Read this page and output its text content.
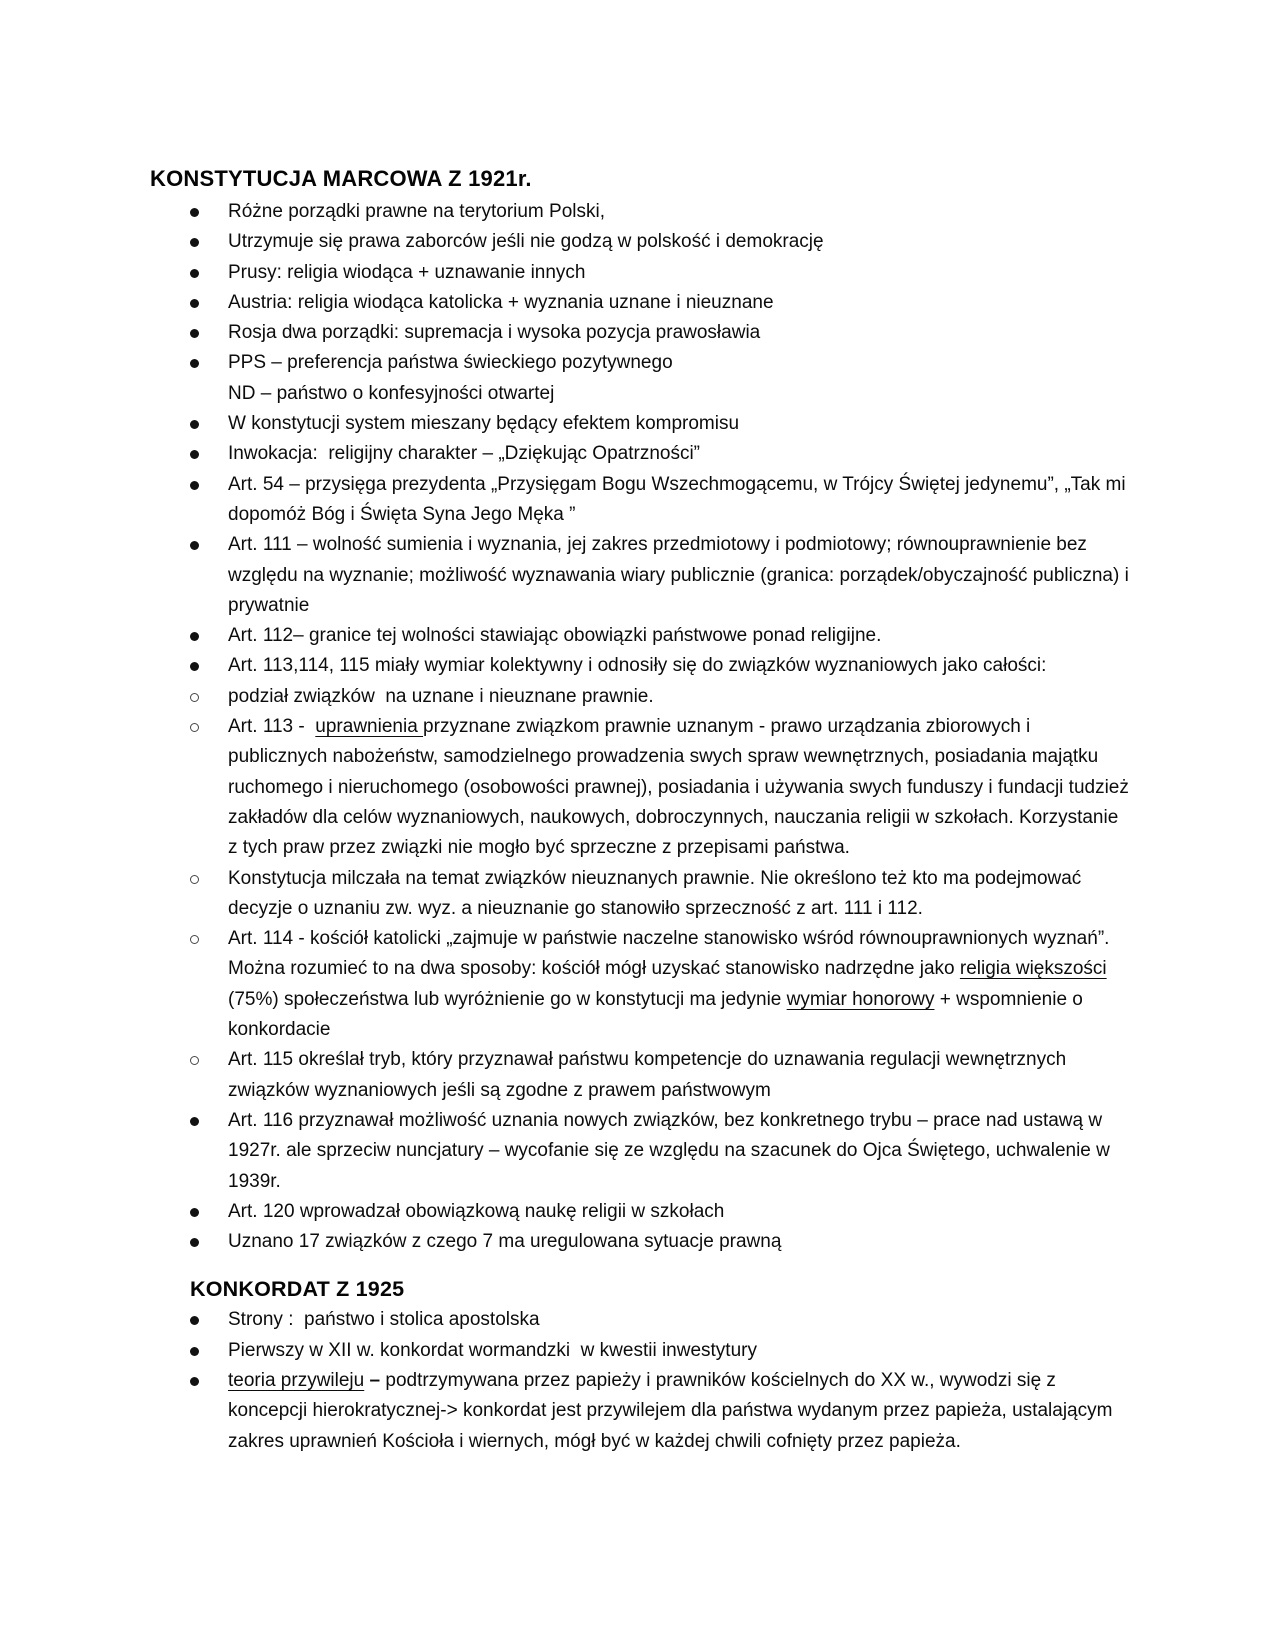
KONSTYTUCJA MARCOWA Z 1921r.
Różne porządki prawne na terytorium Polski,
Utrzymuje się prawa zaborców jeśli nie godzą w polskość i demokrację
Prusy: religia wiodąca + uznawanie innych
Austria: religia wiodąca katolicka + wyznania uznane i nieuznane
Rosja dwa porządki: supremacja i wysoka pozycja prawosławia
PPS – preferencja państwa świeckiego pozytywnego
ND – państwo o konfesyjności otwartej
W konstytucji system mieszany będący efektem kompromisu
Inwokacja:  religijny charakter – „Dziękując Opatrzności”
Art. 54 – przysięga prezydenta „Przysięgam Bogu Wszechmogącemu, w Trójcy Świętej jedynemu”, „Tak mi dopomóż Bóg i Święta Syna Jego Męka ”
Art. 111 – wolność sumienia i wyznania, jej zakres przedmiotowy i podmiotowy; równouprawnienie bez względu na wyznanie; możliwość wyznawania wiary publicznie (granica: porządek/obyczajność publiczna) i prywatnie
Art. 112– granice tej wolności stawiając obowiązki państwowe ponad religijne.
Art. 113,114, 115 miały wymiar kolektywny i odnosiły się do związków wyznaniowych jako całości:
podział związków  na uznane i nieuznane prawnie.
Art. 113 -  uprawnienia przyznane związkom prawnie uznanym - prawo urządzania zbiorowych i publicznych nabożeństw, samodzielnego prowadzenia swych spraw wewnętrznych, posiadania majątku ruchomego i nieruchomego (osobowości prawnej), posiadania i używania swych funduszy i fundacji tudzież zakładów dla celów wyznaniowych, naukowych, dobroczynnych, nauczania religii w szkołach. Korzystanie z tych praw przez związki nie mogło być sprzeczne z przepisami państwa.
Konstytucja milczała na temat związków nieuznanych prawnie. Nie określono też kto ma podejmować decyzje o uznaniu zw. wyz. a nieuznanie go stanowiło sprzeczność z art. 111 i 112.
Art. 114 - kościół katolicki „zajmuje w państwie naczelne stanowisko wśród równouprawnionych wyznań”. Można rozumieć to na dwa sposoby: kościół mógł uzyskać stanowisko nadrzędne jako religia większości (75%) społeczeństwa lub wyróżnienie go w konstytucji ma jedynie wymiar honorowy + wspomnienie o konkordacie
Art. 115 określał tryb, który przyznawał państwu kompetencje do uznawania regulacji wewnętrznych związków wyznaniowych jeśli są zgodne z prawem państwowym
Art. 116 przyznawał możliwość uznania nowych związków, bez konkretnego trybu – prace nad ustawą w 1927r. ale sprzeciw nuncjatury – wycofanie się ze względu na szacunek do Ojca Świętego, uchwalenie w 1939r.
Art. 120 wprowadzał obowiązkową naukę religii w szkołach
Uznano 17 związków z czego 7 ma uregulowana sytuacje prawną
KONKORDAT Z 1925
Strony :  państwo i stolica apostolska
Pierwszy w XII w. konkordat wormandzki  w kwestii inwestytury
teoria przywileju – podtrzymywana przez papieży i prawników kościelnych do XX w., wywodzi się z koncepcji hierokratycznej-> konkordat jest przywilejem dla państwa wydanym przez papieża, ustalającym zakres uprawnień Kościoła i wiernych, mógł być w każdej chwili cofnięty przez papieża.
